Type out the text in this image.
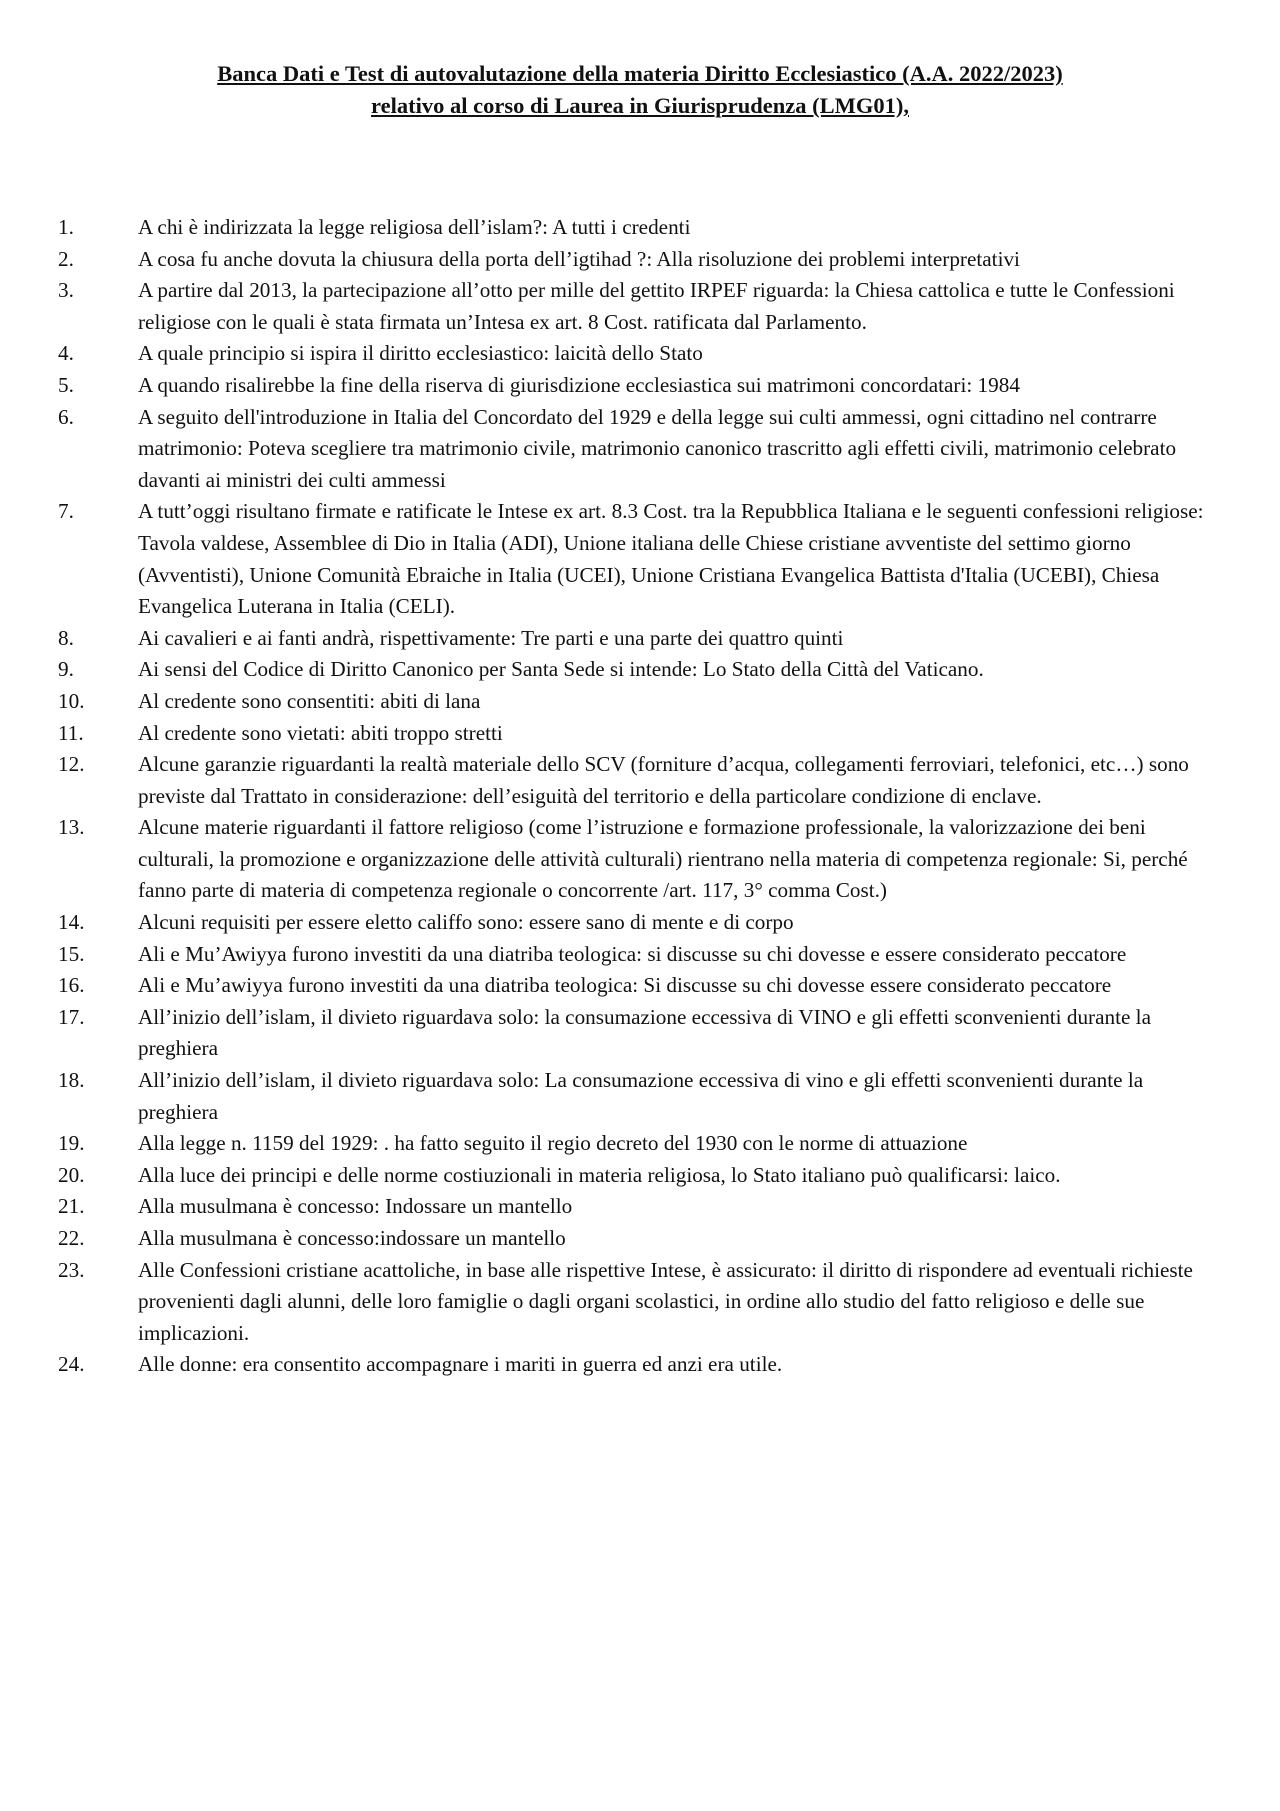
Banca Dati e Test di autovalutazione della materia Diritto Ecclesiastico (A.A. 2022/2023)
relativo al corso di Laurea in Giurisprudenza (LMG01),
1.	A chi è indirizzata la legge religiosa dell’islam?: A tutti i credenti
2.	A cosa fu anche dovuta la chiusura della porta dell’igtihad ?: Alla risoluzione dei problemi interpretativi
3.	A partire dal 2013, la partecipazione all’otto per mille del gettito IRPEF riguarda: la Chiesa cattolica e tutte le Confessioni religiose con le quali è stata firmata un’Intesa ex art. 8 Cost. ratificata dal Parlamento.
4.	A quale principio si ispira il diritto ecclesiastico: laicità dello Stato
5.	A quando risalirebbe la fine della riserva di giurisdizione ecclesiastica sui matrimoni concordatari: 1984
6.	A seguito dell'introduzione in Italia del Concordato del 1929 e della legge sui culti ammessi, ogni cittadino nel contrarre matrimonio: Poteva scegliere tra matrimonio civile, matrimonio canonico trascritto agli effetti civili, matrimonio celebrato davanti ai ministri dei culti ammessi
7.	A tutt’oggi risultano firmate e ratificate le Intese ex art. 8.3 Cost. tra la Repubblica Italiana e le seguenti confessioni religiose: Tavola valdese, Assemblee di Dio in Italia (ADI), Unione italiana delle Chiese cristiane avventiste del settimo giorno (Avventisti), Unione Comunità Ebraiche in Italia (UCEI), Unione Cristiana Evangelica Battista d'Italia (UCEBI), Chiesa Evangelica Luterana in Italia (CELI).
8.	Ai cavalieri e ai fanti andrà, rispettivamente: Tre parti e una parte dei quattro quinti
9.	Ai sensi del Codice di Diritto Canonico per Santa Sede si intende: Lo Stato della Città del Vaticano.
10.	Al credente sono consentiti: abiti di lana
11.	Al credente sono vietati: abiti troppo stretti
12.	Alcune garanzie riguardanti la realtà materiale dello SCV (forniture d’acqua, collegamenti ferroviari, telefonici, etc…) sono previste dal Trattato in considerazione: dell’esiguità del territorio e della particolare condizione di enclave.
13.	Alcune materie riguardanti il fattore religioso (come l’istruzione e formazione professionale, la valorizzazione dei beni culturali, la promozione e organizzazione delle attività culturali) rientrano nella materia di competenza regionale: Si, perché fanno parte di materia di competenza regionale o concorrente /art. 117, 3° comma Cost.)
14.	Alcuni requisiti per essere eletto califfo sono: essere sano di mente e di corpo
15.	Ali e Mu’Awiyya furono investiti da una diatriba teologica: si discusse su chi dovesse e essere considerato peccatore
16.	Ali e Mu’awiyya furono investiti da una diatriba teologica: Si discusse su chi dovesse essere considerato peccatore
17.	All’inizio dell’islam, il divieto riguardava solo: la consumazione eccessiva di VINO e gli effetti sconvenienti durante la preghiera
18.	All’inizio dell’islam, il divieto riguardava solo: La consumazione eccessiva di vino e gli effetti sconvenienti durante la preghiera
19.	Alla legge n. 1159 del 1929: . ha fatto seguito il regio decreto del 1930 con le norme di attuazione
20.	Alla luce dei principi e delle norme costiuzionali in materia religiosa, lo Stato italiano può qualificarsi: laico.
21.	Alla musulmana è concesso: Indossare un mantello
22.	Alla musulmana è concesso:indossare un mantello
23.	Alle Confessioni cristiane acattoliche, in base alle rispettive Intese, è assicurato: il diritto di rispondere ad eventuali richieste provenienti dagli alunni, delle loro famiglie o dagli organi scolastici, in ordine allo studio del fatto religioso e delle sue implicazioni.
24.	Alle donne: era consentito accompagnare i mariti in guerra ed anzi era utile.
